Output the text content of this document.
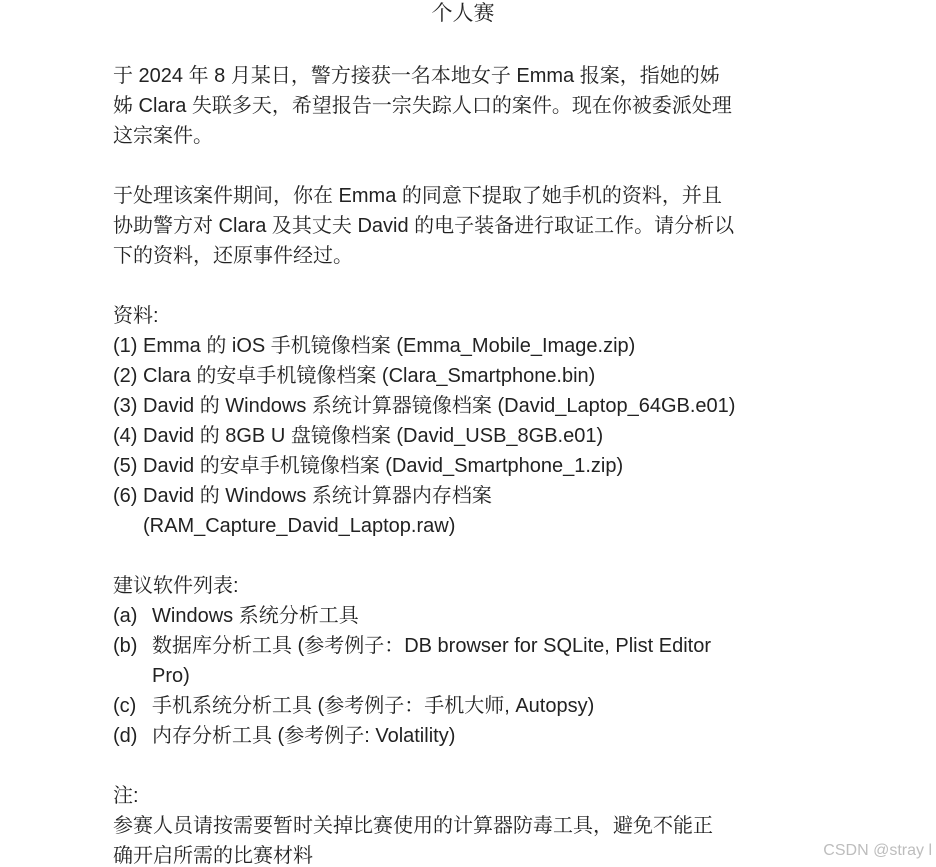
个人赛
于 2024 年 8 月某日，警方接获一名本地女子 Emma 报案，指她的姊
姊 Clara 失联多天，希望报告一宗失踪人口的案件。现在你被委派处理
这宗案件。
于处理该案件期间，你在 Emma 的同意下提取了她手机的资料，并且
协助警方对 Clara 及其丈夫 David 的电子装备进行取证工作。请分析以
下的资料，还原事件经过。
资料:
(1) Emma 的 iOS 手机镜像档案 (Emma_Mobile_Image.zip)
(2) Clara 的安卓手机镜像档案 (Clara_Smartphone.bin)
(3) David 的 Windows 系统计算器镜像档案 (David_Laptop_64GB.e01)
(4) David 的 8GB U 盘镜像档案 (David_USB_8GB.e01)
(5) David 的安卓手机镜像档案 (David_Smartphone_1.zip)
(6) David 的 Windows 系统计算器内存档案
(RAM_Capture_David_Laptop.raw)
建议软件列表:
(a) Windows 系统分析工具
(b) 数据库分析工具 (参考例子：DB browser for SQLite, Plist Editor
Pro)
(c) 手机系统分析工具 (参考例子：手机大师, Autopsy)
(d) 内存分析工具 (参考例子: Volatility)
注:
参赛人员请按需要暂时关掉比赛使用的计算器防毒工具，避免不能正
确开启所需的比赛材料	CSDN @stray l
